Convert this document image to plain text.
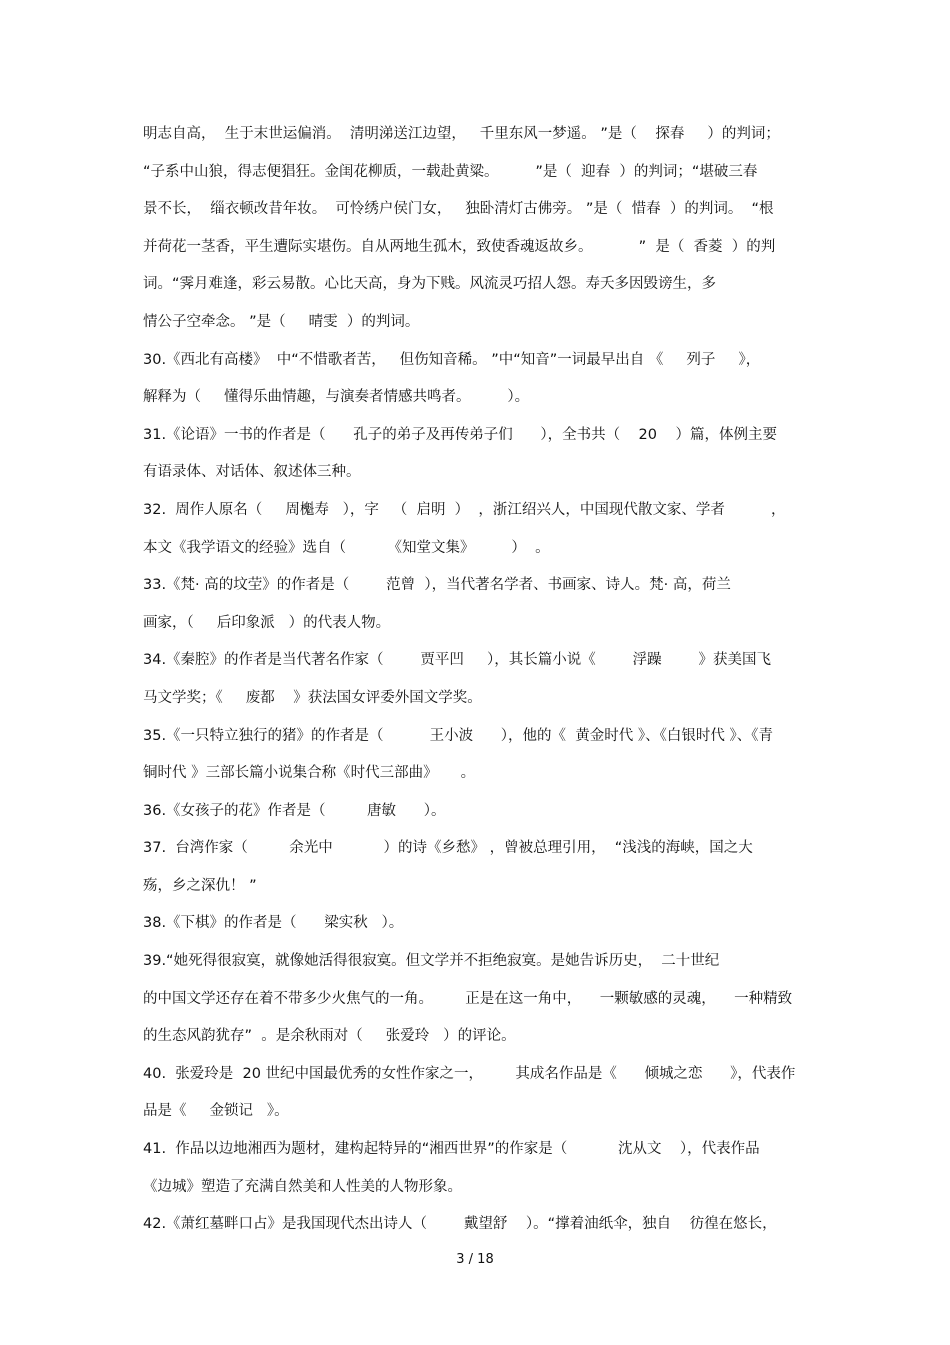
明志自高，  生于末世运偏消。  清明涕送江边望，   千里东风一梦遥。 ”是（    探春     ）的判词；
“子系中山狼，得志便猖狂。金闺花柳质，一载赴黄粱。        ”是（  迎春  ）的判词；“堪破三春
景不长，  缁衣顿改昔年妆。  可怜绣户侯门女，   独卧清灯古佛旁。 ”是（  惜春  ）的判词。  “根
并荷花一茎香，平生遭际实堪伤。自从两地生孤木，致使香魂返故乡。          ”  是（  香菱  ）的判
词。“霁月难逢，彩云易散。心比天高，身为下贱。风流灵巧招人怨。寿夭多因毁谤生，多
情公子空牵念。 ”是（     晴雯  ）的判词。
30.《西北有高楼》  中“不惜歌者苦，   但伤知音稀。 ”中“知音”一词最早出自 《     列子     》，
解释为（     懂得乐曲情趣，与演奏者情感共鸣者。        ）。
31.《论语》一书的作者是（      孔子的弟子及再传弟子们      ），全书共（    20    ）篇，体例主要
有语录体、对话体、叙述体三种。
32.  周作人原名（     周櫆寿   ），字   （  启明  ）  ，浙江绍兴人，中国现代散文家、学者          ，
本文《我学语文的经验》选自（         《知堂文集》        ）  。
33.《梵· 高的坟茔》的作者是（        范曾  ），当代著名学者、书画家、诗人。梵· 高，荷兰
画家，（     后印象派   ）的代表人物。
34.《秦腔》的作者是当代著名作家（        贾平凹     ），其长篇小说《        浮躁        》获美国飞
马文学奖；《     废都    》获法国女评委外国文学奖。
35.《一只特立独行的猪》的作者是（          王小波      ），他的《  黄金时代 》、《白银时代 》、《青
铜时代 》三部长篇小说集合称《时代三部曲》     。
36.《女孩子的花》作者是（         唐敏      ）。
37.  台湾作家（         余光中           ）的诗《乡愁》 ，曾被总理引用，  “浅浅的海峡，国之大
殇，乡之深仇！ ”
38.《下棋》的作者是（      梁实秋   ）。
39.“她死得很寂寞，就像她活得很寂寞。但文学并不拒绝寂寞。是她告诉历史，  二十世纪
的中国文学还存在着不带多少火焦气的一角。       正是在这一角中，    一颗敏感的灵魂，    一种精致
的生态风韵犹存”  。是余秋雨对（     张爱玲   ）的评论。
40.  张爱玲是  20 世纪中国最优秀的女性作家之一，       其成名作品是《      倾城之恋      》，代表作
品是《     金锁记   》。
41.  作品以边地湘西为题材，建构起特异的“湘西世界”的作家是（           沈从文    ），代表作品
《边城》塑造了充满自然美和人性美的人物形象。
42.《萧红墓畔口占》是我国现代杰出诗人（        戴望舒    ）。“撑着油纸伞，独自    彷徨在悠长，
3 / 18
